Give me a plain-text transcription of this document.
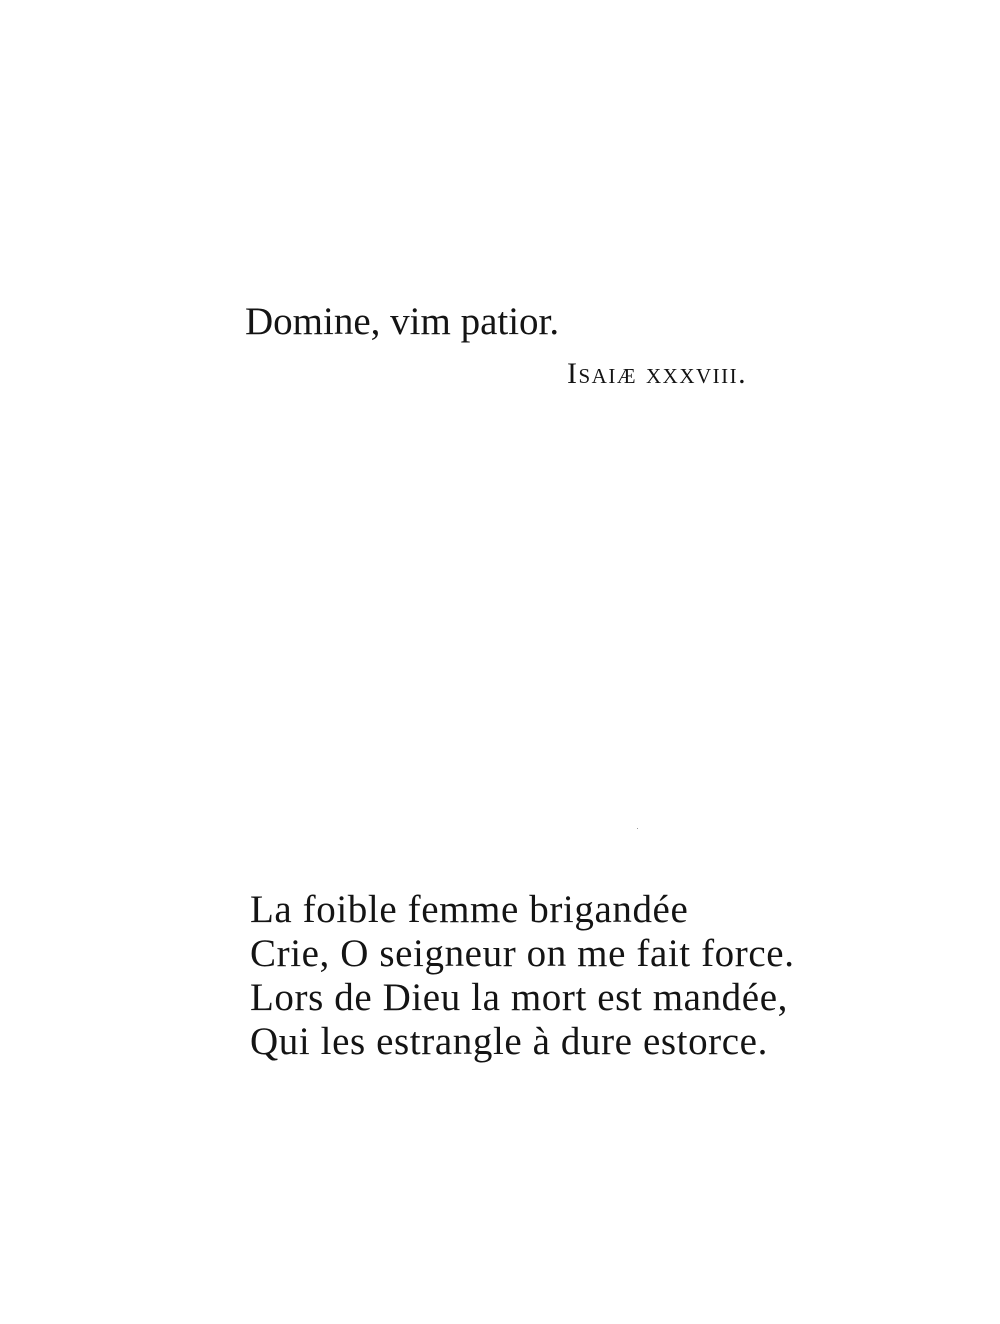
Domine, vim patior.

Isaiæ xxxviii.
La foible femme brigandée
Crie, O seigneur on me fait force.
Lors de Dieu la mort est mandée,
Qui les estrangle à dure estorce.
